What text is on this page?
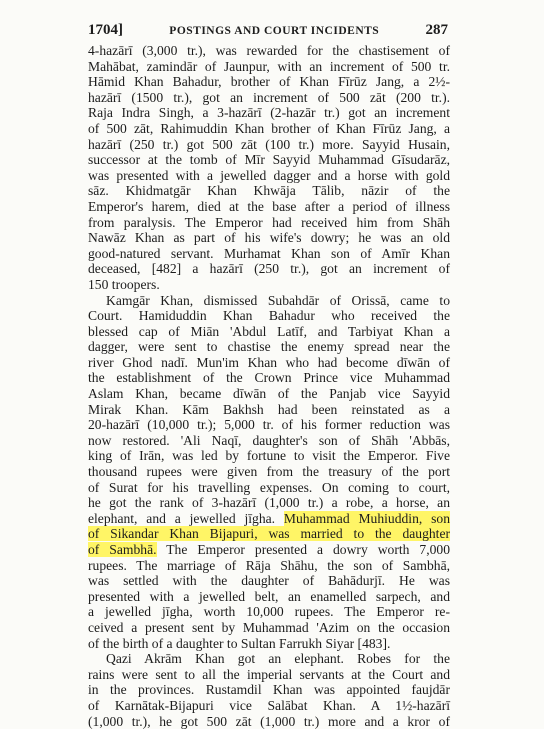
1704]	POSTINGS AND COURT INCIDENTS	287
4-hazārī (3,000 tr.), was rewarded for the chastisement of
Mahābat, zamindār of Jaunpur, with an increment of 500 tr.
Hāmid Khan Bahadur, brother of Khan Fīrūz Jang, a 2½-
hazārī (1500 tr.), got an increment of 500 zāt (200 tr.).
Raja Indra Singh, a 3-hazārī (2-hazār tr.) got an increment
of 500 zāt, Rahimuddin Khan brother of Khan Fīrūz Jang, a
hazārī (250 tr.) got 500 zāt (100 tr.) more. Sayyid Husain,
successor at the tomb of Mīr Sayyid Muhammad Gīsudarāz,
was presented with a jewelled dagger and a horse with gold
sāz. Khidmatgār Khan Khwāja Tālib, nāzir of the
Emperor's harem, died at the base after a period of illness
from paralysis. The Emperor had received him from Shāh
Nawāz Khan as part of his wife's dowry; he was an old
good-natured servant. Murhamat Khan son of Amīr Khan
deceased, [482] a hazārī (250 tr.), got an increment of
150 troopers.
Kamgār Khan, dismissed Subahdār of Orissā, came to
Court. Hamiduddin Khan Bahadur who received the
blessed cap of Miān 'Abdul Latīf, and Tarbiyat Khan a
dagger, were sent to chastise the enemy spread near the
river Ghod nadī. Mun'im Khan who had become dīwān of
the establishment of the Crown Prince vice Muhammad
Aslam Khan, became dīwān of the Panjab vice Sayyid
Mirak Khan. Kām Bakhsh had been reinstated as a
20-hazārī (10,000 tr.); 5,000 tr. of his former reduction was
now restored. 'Ali Naqī, daughter's son of Shāh 'Abbās,
king of Irān, was led by fortune to visit the Emperor. Five
thousand rupees were given from the treasury of the port
of Surat for his travelling expenses. On coming to court,
he got the rank of 3-hazārī (1,000 tr.) a robe, a horse, an
elephant, and a jewelled jīgha. Muhammad Muhiuddin, son
of Sikandar Khan Bijapuri, was married to the daughter
of Sambhā. The Emperor presented a dowry worth 7,000
rupees. The marriage of Rāja Shāhu, the son of Sambhā,
was settled with the daughter of Bahādurjī. He was
presented with a jewelled belt, an enamelled sarpech, and
a jewelled jīgha, worth 10,000 rupees. The Emperor re-
ceived a present sent by Muhammad 'Azim on the occasion
of the birth of a daughter to Sultan Farrukh Siyar [483].
Qazi Akrām Khan got an elephant. Robes for the
rains were sent to all the imperial servants at the Court and
in the provinces. Rustamdil Khan was appointed faujdār
of Karnātak-Bijapuri vice Salābat Khan. A 1½-hazārī
(1,000 tr.), he got 500 zāt (1,000 tr.) more and a kror of
